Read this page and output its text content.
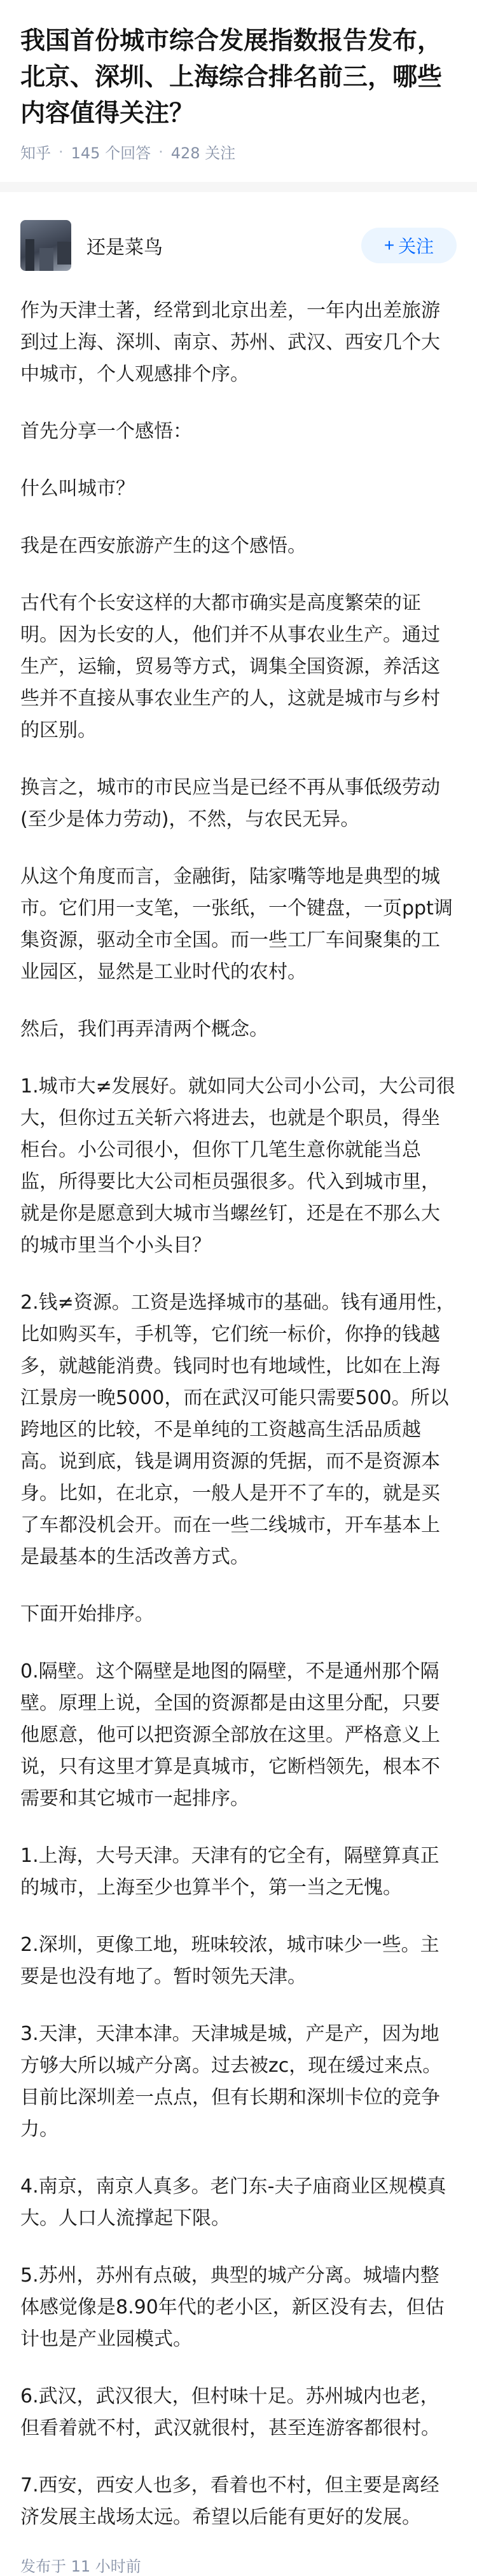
我国首份城市综合发展指数报告发布，北京、深圳、上海综合排名前三，哪些内容值得关注？
知乎 · 145 个回答 · 428 关注
还是菜鸟	+ 关注

作为天津土著，经常到北京出差，一年内出差旅游到过上海、深圳、南京、苏州、武汉、西安几个大中城市，个人观感排个序。

首先分享一个感悟：

什么叫城市？

我是在西安旅游产生的这个感悟。

古代有个长安这样的大都市确实是高度繁荣的证明。因为长安的人，他们并不从事农业生产。通过生产，运输，贸易等方式，调集全国资源，养活这些并不直接从事农业生产的人，这就是城市与乡村的区别。

换言之，城市的市民应当是已经不再从事低级劳动(至少是体力劳动)，不然，与农民无异。

从这个角度而言，金融街，陆家嘴等地是典型的城市。它们用一支笔，一张纸，一个键盘，一页ppt调集资源，驱动全市全国。而一些工厂车间聚集的工业园区，显然是工业时代的农村。

然后，我们再弄清两个概念。

1.城市大≠发展好。就如同大公司小公司，大公司很大，但你过五关斩六将进去，也就是个职员，得坐柜台。小公司很小，但你丅几笔生意你就能当总监，所得要比大公司柜员强很多。代入到城市里，就是你是愿意到大城市当螺丝钉，还是在不那么大的城市里当个小头目？

2.钱≠资源。工资是选择城市的基础。钱有通用性，比如购买车，手机等，它们统一标价，你挣的钱越多，就越能消费。钱同时也有地域性，比如在上海江景房一晚5000，而在武汉可能只需要500。所以跨地区的比较，不是单纯的工资越高生活品质越高。说到底，钱是调用资源的凭据，而不是资源本身。比如，在北京，一般人是开不了车的，就是买了车都没机会开。而在一些二线城市，开车基本上是最基本的生活改善方式。

下面开始排序。

0.隔壁。这个隔壁是地图的隔壁，不是通州那个隔壁。原理上说，全国的资源都是由这里分配，只要他愿意，他可以把资源全部放在这里。严格意义上说，只有这里才算是真城市，它断档领先，根本不需要和其它城市一起排序。

1.上海，大号天津。天津有的它全有，隔壁算真正的城市，上海至少也算半个，第一当之无愧。

2.深圳，更像工地，班味较浓，城市味少一些。主要是也没有地了。暂时领先天津。

3.天津，天津本津。天津城是城，产是产，因为地方够大所以城产分离。过去被zc，现在缓过来点。目前比深圳差一点点，但有长期和深圳卡位的竞争力。

4.南京，南京人真多。老门东-夫子庙商业区规模真大。人口人流撑起下限。

5.苏州，苏州有点破，典型的城产分离。城墙内整体感觉像是8.90年代的老小区，新区没有去，但估计也是产业园模式。

6.武汉，武汉很大，但村味十足。苏州城内也老，但看着就不村，武汉就很村，甚至连游客都很村。

7.西安，西安人也多，看着也不村，但主要是离经济发展主战场太远。希望以后能有更好的发展。

发布于 11 小时前
